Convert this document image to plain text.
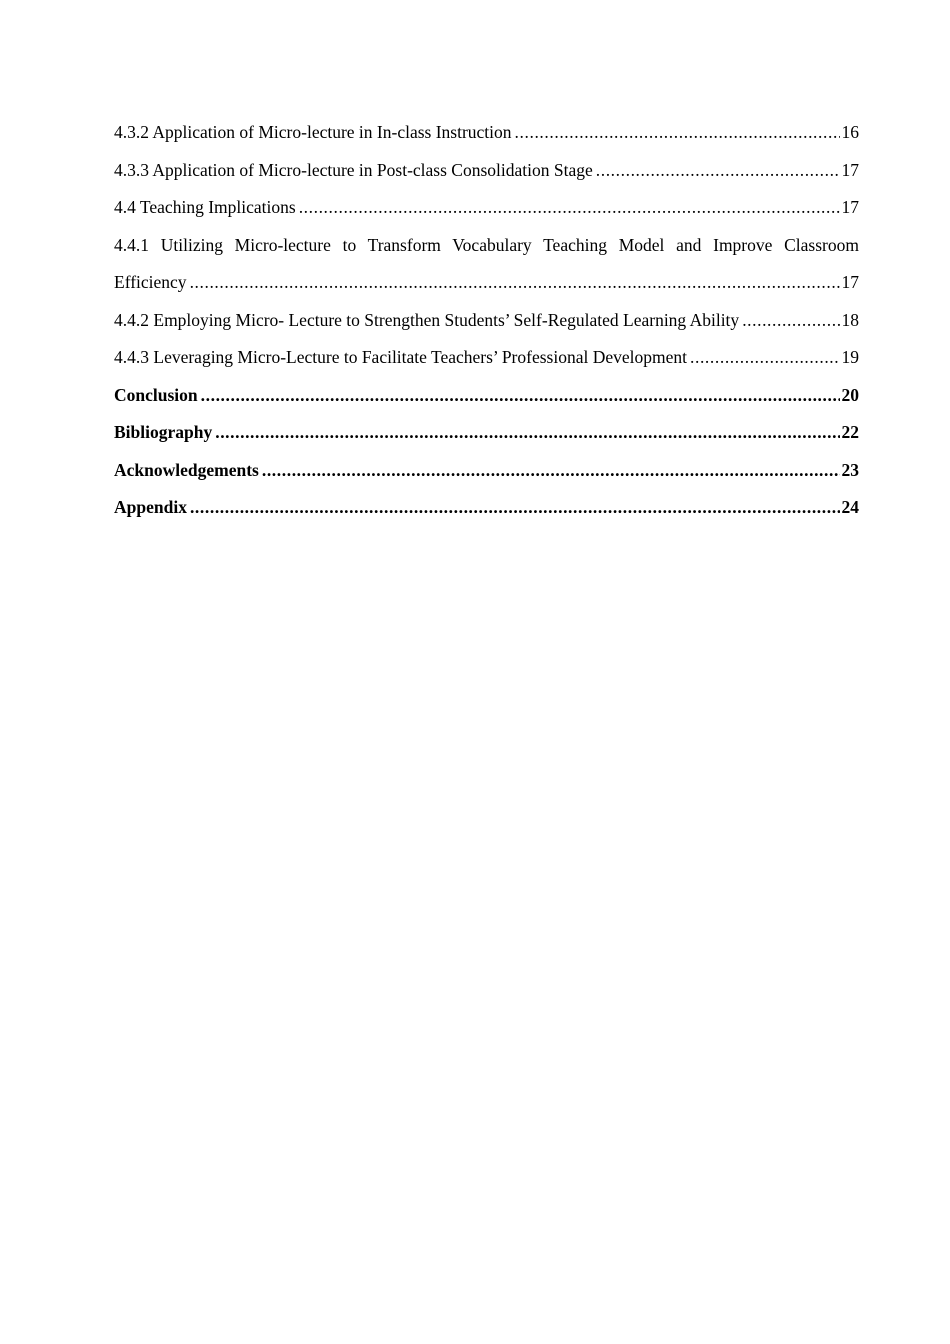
4.3.2 Application of Micro-lecture in In-class Instruction .....	16
4.3.3 Application of Micro-lecture in Post-class Consolidation Stage .....	17
4.4 Teaching Implications .....	17
4.4.1 Utilizing Micro-lecture to Transform Vocabulary Teaching Model and Improve Classroom
Efficiency .....	17
4.4.2 Employing Micro- Lecture to Strengthen Students’ Self-Regulated Learning Ability .....	18
4.4.3 Leveraging Micro-Lecture to Facilitate Teachers’ Professional Development .....	19
Conclusion .....	20
Bibliography .....	22
Acknowledgements .....	23
Appendix .....	24
